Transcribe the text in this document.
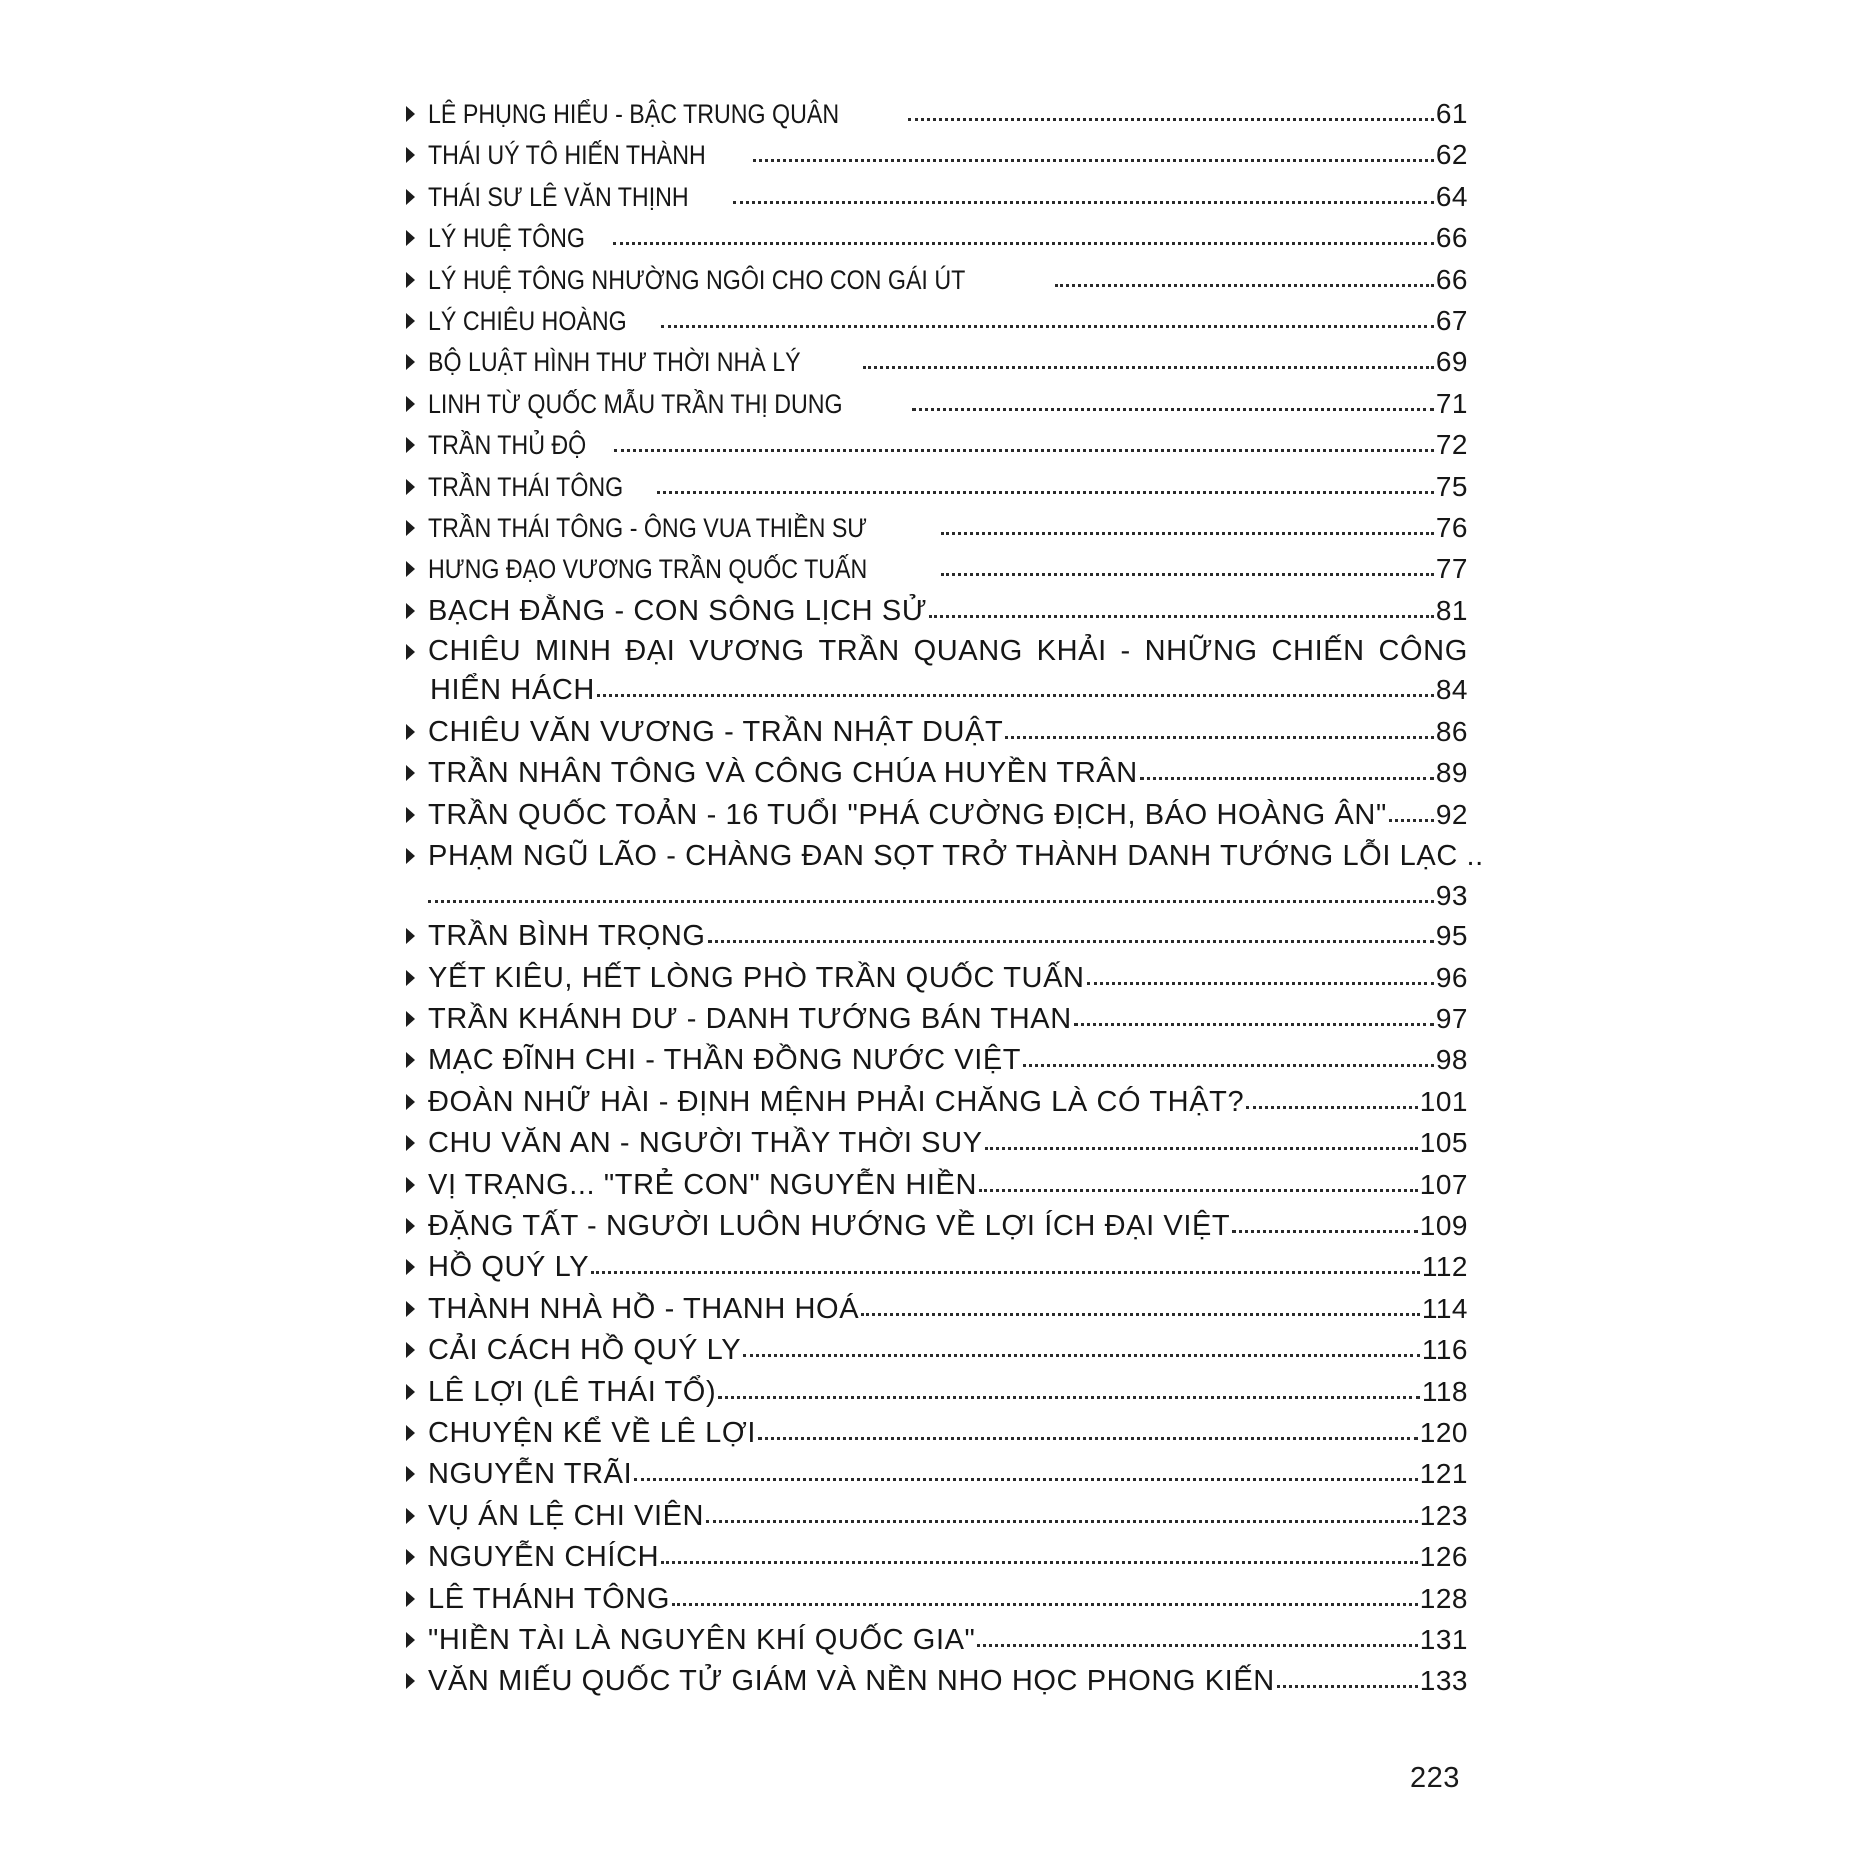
LÊ PHỤNG HIỂU - BẬC TRUNG QUÂN	61
THÁI UÝ TÔ HIẾN THÀNH	62
THÁI SƯ LÊ VĂN THỊNH	64
LÝ HUỆ TÔNG	66
LÝ HUỆ TÔNG NHƯỜNG NGÔI CHO CON GÁI ÚT	66
LÝ CHIÊU HOÀNG	67
BỘ LUẬT HÌNH THƯ THỜI NHÀ LÝ	69
LINH TỪ QUỐC MẪU TRẦN THỊ DUNG	71
TRẦN THỦ ĐỘ	72
TRẦN THÁI TÔNG	75
TRẦN THÁI TÔNG - ÔNG VUA THIỀN SƯ	76
HƯNG ĐẠO VƯƠNG TRẦN QUỐC TUẤN	77
BẠCH ĐẰNG - CON SÔNG LỊCH SỬ	81
CHIÊU MINH ĐẠI VƯƠNG TRẦN QUANG KHẢI - NHỮNG CHIẾN CÔNG
HIỂN HÁCH	84
CHIÊU VĂN VƯƠNG - TRẦN NHẬT DUẬT	86
TRẦN NHÂN TÔNG VÀ CÔNG CHÚA HUYỀN TRÂN	89
TRẦN QUỐC TOẢN - 16 TUỔI "PHÁ CƯỜNG ĐỊCH, BÁO HOÀNG ÂN" 92
PHẠM NGŨ LÃO - CHÀNG ĐAN SỌT TRỞ THÀNH DANH TƯỚNG LỖI LẠC ..
93
TRẦN BÌNH TRỌNG	95
YẾT KIÊU, HẾT LÒNG PHÒ TRẦN QUỐC TUẤN	96
TRẦN KHÁNH DƯ - DANH TƯỚNG BÁN THAN	97
MẠC ĐĨNH CHI - THẦN ĐỒNG NƯỚC VIỆT	98
ĐOÀN NHỮ HÀI - ĐỊNH MỆNH PHẢI CHĂNG LÀ CÓ THẬT?	101
CHU VĂN AN - NGƯỜI THẦY THỜI SUY	105
VỊ TRẠNG... "TRẺ CON" NGUYỄN HIỀN	107
ĐẶNG TẤT - NGƯỜI LUÔN HƯỚNG VỀ LỢI ÍCH ĐẠI VIỆT	109
HỒ QUÝ LY	112
THÀNH NHÀ HỒ - THANH HOÁ	114
CẢI CÁCH HỒ QUÝ LY	116
LÊ LỢI (LÊ THÁI TỔ)	118
CHUYỆN KỂ VỀ LÊ LỢI	120
NGUYỄN TRÃI	121
VỤ ÁN LỆ CHI VIÊN	123
NGUYỄN CHÍCH	126
LÊ THÁNH TÔNG	128
"HIỀN TÀI LÀ NGUYÊN KHÍ QUỐC GIA"	131
VĂN MIẾU QUỐC TỬ GIÁM VÀ NỀN NHO HỌC PHONG KIẾN	133
223
